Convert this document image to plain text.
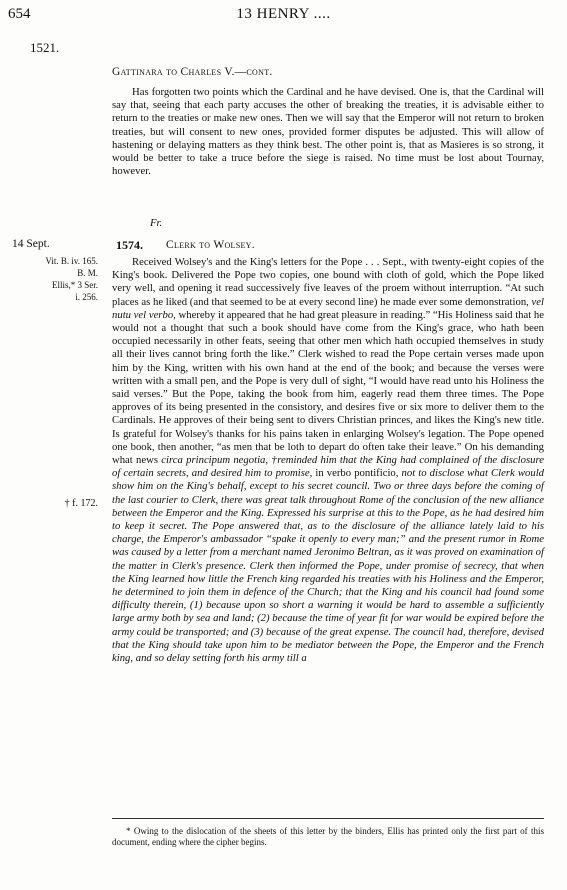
654	13 HENRY ....
1521.
Gattinara to Charles V.—cont.

Has forgotten two points which the Cardinal and he have devised. One is, that the Cardinal will say that, seeing that each party accuses the other of breaking the treaties, it is advisable either to return to the treaties or make new ones. Then we will say that the Emperor will not return to broken treaties, but will consent to new ones, provided former disputes be adjusted. This will allow of hastening or delaying matters as they think best. The other point is, that as Masieres is so strong, it would be better to take a truce before the siege is raised. No time must be lost about Tournay, however.

Fr.
14 Sept.	1574. Clerk to Wolsey.
Vit. B. iv. 165.
B. M.
Ellis,* 3 Ser.
i. 256.
† f. 172.

Received Wolsey's and the King's letters for the Pope . . . Sept., with twenty-eight copies of the King's book. Delivered the Pope two copies, one bound with cloth of gold, which the Pope liked very well, and opening it read successively five leaves of the proem without interruption. “At such places as he liked (and that seemed to be at every second line) he made ever some demonstration, vel nutu vel verbo, whereby it appeared that he had great pleasure in reading.” “His Holiness said that he would not a thought that such a book should have come from the King's grace, who hath been occupied necessarily in other feats, seeing that other men which hath occupied themselves in study all their lives cannot bring forth the like.” Clerk wished to read the Pope certain verses made upon him by the King, written with his own hand at the end of the book; and because the verses were written with a small pen, and the Pope is very dull of sight, “I would have read unto his Holiness the said verses.” But the Pope, taking the book from him, eagerly read them three times. The Pope approves of its being presented in the consistory, and desires five or six more to deliver them to the Cardinals. He approves of their being sent to divers Christian princes, and likes the King's new title. Is grateful for Wolsey's thanks for his pains taken in enlarging Wolsey's legation. The Pope opened one book, then another, “as men that be loth to depart do often take their leave.” On his demanding what news circa principum negotia, †reminded him that the King had complained of the disclosure of certain secrets, and desired him to promise, in verbo pontificio, not to disclose what Clerk would show him on the King's behalf, except to his secret council. Two or three days before the coming of the last courier to Clerk, there was great talk throughout Rome of the conclusion of the new alliance between the Emperor and the King. Expressed his surprise at this to the Pope, as he had desired him to keep it secret. The Pope answered that, as to the disclosure of the alliance lately laid to his charge, the Emperor's ambassador “spake it openly to every man;” and the present rumor in Rome was caused by a letter from a merchant named Jeronimo Beltran, as it was proved on examination of the matter in Clerk's presence. Clerk then informed the Pope, under promise of secrecy, that when the King learned how little the French king regarded his treaties with his Holiness and the Emperor, he determined to join them in defence of the Church; that the King and his council had found some difficulty therein, (1) because upon so short a warning it would be hard to assemble a sufficiently large army both by sea and land; (2) because the time of year fit for war would be expired before the army could be transported; and (3) because of the great expense. The council had, therefore, devised that the King should take upon him to be mediator between the Pope, the Emperor and the French king, and so delay setting forth his army till a

* Owing to the dislocation of the sheets of this letter by the binders, Ellis has printed only the first part of this document, ending where the cipher begins.
